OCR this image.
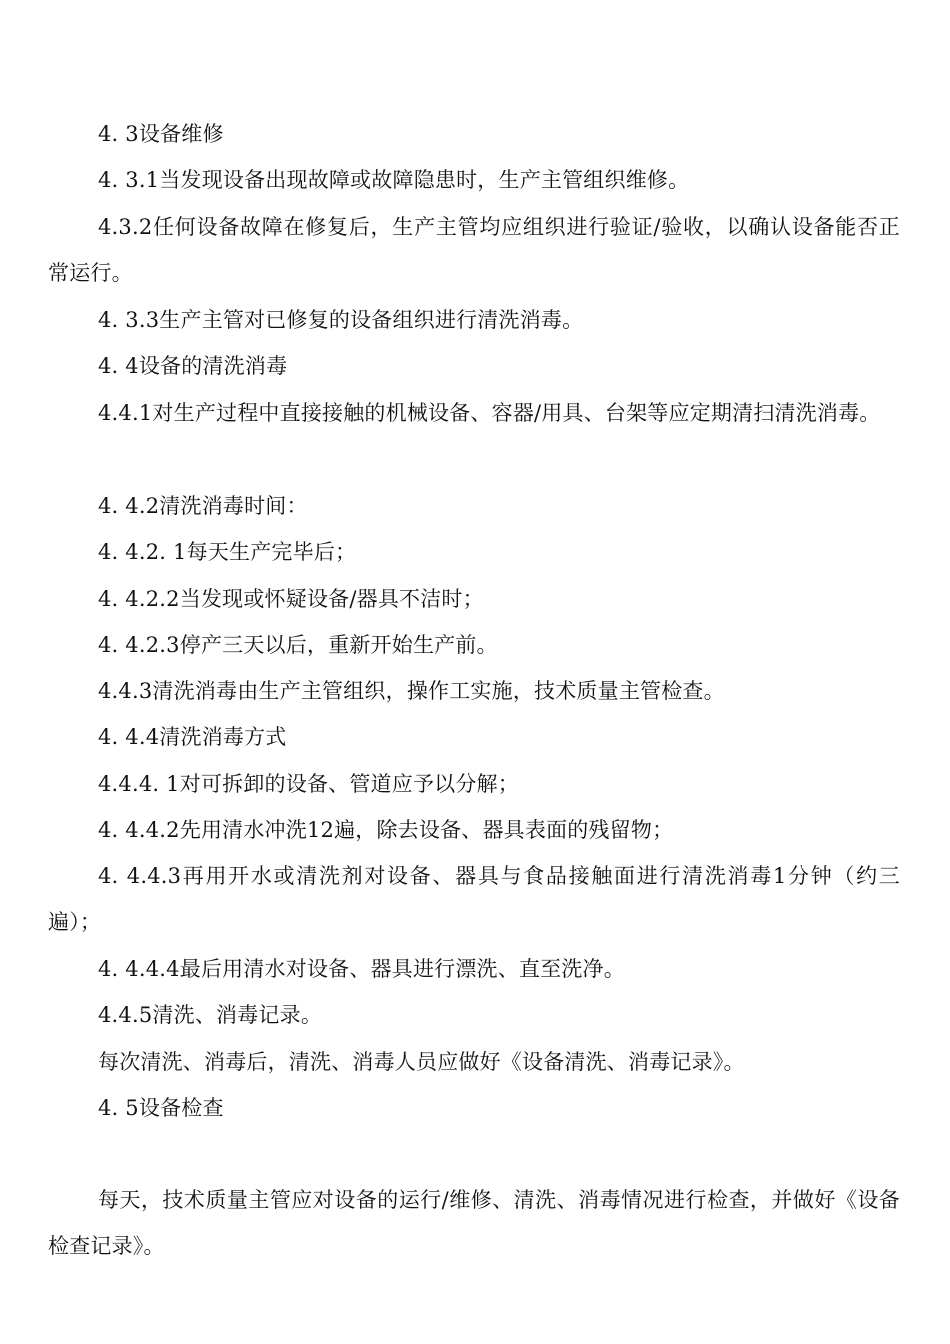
4. 3设备维修

4. 3.1当发现设备出现故障或故障隐患时，生产主管组织维修。

4.3.2任何设备故障在修复后，生产主管均应组织进行验证/验收，以确认设备能否正常运行。

4. 3.3生产主管对已修复的设备组织进行清洗消毒。

4. 4设备的清洗消毒

4.4.1对生产过程中直接接触的机械设备、容器/用具、台架等应定期清扫清洗消毒。

4. 4.2清洗消毒时间：

4. 4.2. 1每天生产完毕后；

4. 4.2.2当发现或怀疑设备/器具不洁时；

4. 4.2.3停产三天以后，重新开始生产前。

4.4.3清洗消毒由生产主管组织，操作工实施，技术质量主管检查。

4. 4.4清洗消毒方式

4.4.4. 1对可拆卸的设备、管道应予以分解；

4. 4.4.2先用清水冲洗12遍，除去设备、器具表面的残留物；

4. 4.4.3再用开水或清洗剂对设备、器具与食品接触面进行清洗消毒1分钟（约三遍）；

4. 4.4.4最后用清水对设备、器具进行漂洗、直至洗净。

4.4.5清洗、消毒记录。

每次清洗、消毒后，清洗、消毒人员应做好《设备清洗、消毒记录》。

4. 5设备检查

每天，技术质量主管应对设备的运行/维修、清洗、消毒情况进行检查，并做好《设备检查记录》。
